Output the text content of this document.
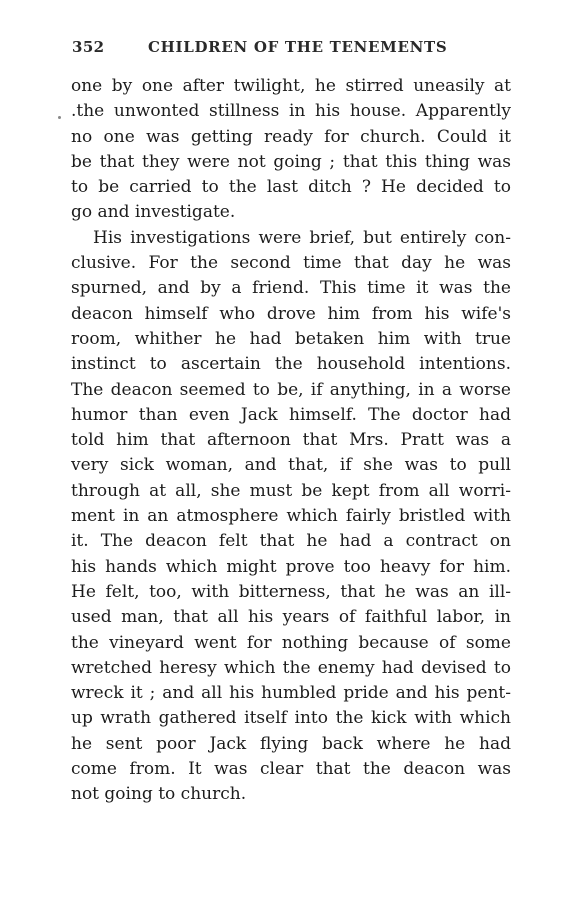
352	CHILDREN OF THE TENEMENTS
one by one after twilight, he stirred uneasily at
.the unwonted stillness in his house. Apparently
no one was getting ready for church. Could it
be that they were not going ; that this thing was
to be carried to the last ditch ? He decided to
go and investigate.
His investigations were brief, but entirely con-
clusive. For the second time that day he was
spurned, and by a friend. This time it was the
deacon himself who drove him from his wife's
room, whither he had betaken him with true
instinct to ascertain the household intentions.
The deacon seemed to be, if anything, in a worse
humor than even Jack himself. The doctor had
told him that afternoon that Mrs. Pratt was a
very sick woman, and that, if she was to pull
through at all, she must be kept from all worri-
ment in an atmosphere which fairly bristled with
it. The deacon felt that he had a contract on
his hands which might prove too heavy for him.
He felt, too, with bitterness, that he was an ill-
used man, that all his years of faithful labor, in
the vineyard went for nothing because of some
wretched heresy which the enemy had devised to
wreck it ; and all his humbled pride and his pent-
up wrath gathered itself into the kick with which
he sent poor Jack flying back where he had
come from. It was clear that the deacon was
not going to church.
